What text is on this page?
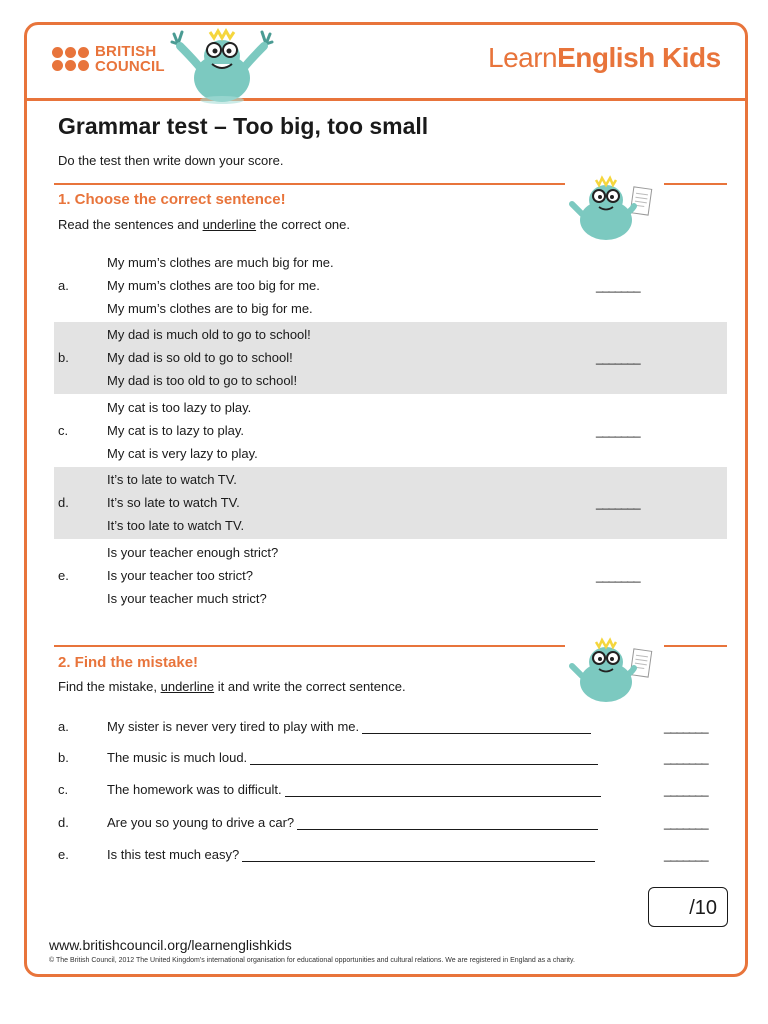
BRITISH
COUNCIL	LearnEnglish Kids
Grammar test – Too big, too small
Do the test then write down your score.
1. Choose the correct sentence!
Read the sentences and underline the correct one.
a.
My mum’s clothes are much big for me.
My mum’s clothes are too big for me.
My mum’s clothes are to big for me.
_______
b.
My dad is much old to go to school!
My dad is so old to go to school!
My dad is too old to go to school!
_______
c.
My cat is too lazy to play.
My cat is to lazy to play.
My cat is very lazy to play.
_______
d.
It’s to late to watch TV.
It’s so late to watch TV.
It’s too late to watch TV.
_______
e.
Is your teacher enough strict?
Is your teacher too strict?
Is your teacher much strict?
_______
2. Find the mistake!
Find the mistake, underline it and write the correct sentence.
a.	My sister is never very tired to play with me.	_______
b.	The music is much loud.	_______
c.	The homework was to difficult.	_______
d.	Are you so young to drive a car?	_______
e.	Is this test much easy?	_______
/10
www.britishcouncil.org/learnenglishkids
© The British Council, 2012 The United Kingdom’s international organisation for educational opportunities and cultural relations. We are registered in England as a charity.
